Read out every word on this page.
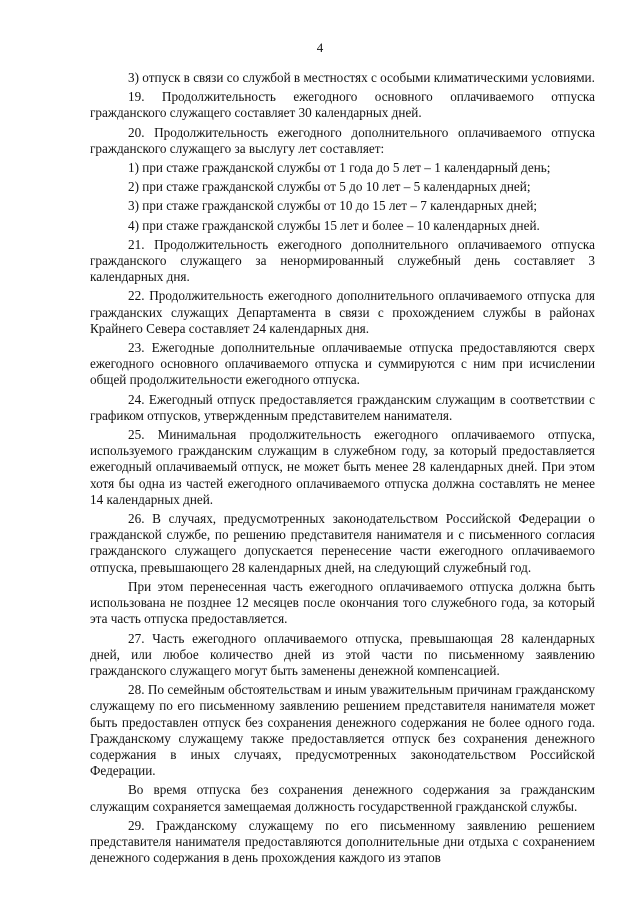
4

3) отпуск в связи со службой в местностях с особыми климатическими условиями.

19. Продолжительность ежегодного основного оплачиваемого отпуска гражданского служащего составляет 30 календарных дней.

20. Продолжительность ежегодного дополнительного оплачиваемого отпуска гражданского служащего за выслугу лет составляет:

1) при стаже гражданской службы от 1 года до 5 лет – 1 календарный день;

2) при стаже гражданской службы от 5 до 10 лет – 5 календарных дней;

3) при стаже гражданской службы от 10 до 15 лет – 7 календарных дней;

4) при стаже гражданской службы 15 лет и более – 10 календарных дней.

21. Продолжительность ежегодного дополнительного оплачиваемого отпуска гражданского служащего за ненормированный служебный день составляет 3 календарных дня.

22. Продолжительность ежегодного дополнительного оплачиваемого отпуска для гражданских служащих Департамента в связи с прохождением службы в районах Крайнего Севера составляет 24 календарных дня.

23. Ежегодные дополнительные оплачиваемые отпуска предоставляются сверх ежегодного основного оплачиваемого отпуска и суммируются с ним при исчислении общей продолжительности ежегодного отпуска.

24. Ежегодный отпуск предоставляется гражданским служащим в соответствии с графиком отпусков, утвержденным представителем нанимателя.

25. Минимальная продолжительность ежегодного оплачиваемого отпуска, используемого гражданским служащим в служебном году, за который предоставляется ежегодный оплачиваемый отпуск, не может быть менее 28 календарных дней. При этом хотя бы одна из частей ежегодного оплачиваемого отпуска должна составлять не менее 14 календарных дней.

26. В случаях, предусмотренных законодательством Российской Федерации о гражданской службе, по решению представителя нанимателя и с письменного согласия гражданского служащего допускается перенесение части ежегодного оплачиваемого отпуска, превышающего 28 календарных дней, на следующий служебный год.

При этом перенесенная часть ежегодного оплачиваемого отпуска должна быть использована не позднее 12 месяцев после окончания того служебного года, за который эта часть отпуска предоставляется.

27. Часть ежегодного оплачиваемого отпуска, превышающая 28 календарных дней, или любое количество дней из этой части по письменному заявлению гражданского служащего могут быть заменены денежной компенсацией.

28. По семейным обстоятельствам и иным уважительным причинам гражданскому служащему по его письменному заявлению решением представителя нанимателя может быть предоставлен отпуск без сохранения денежного содержания не более одного года. Гражданскому служащему также предоставляется отпуск без сохранения денежного содержания в иных случаях, предусмотренных законодательством Российской Федерации.

Во время отпуска без сохранения денежного содержания за гражданским служащим сохраняется замещаемая должность государственной гражданской службы.

29. Гражданскому служащему по его письменному заявлению решением представителя нанимателя предоставляются дополнительные дни отдыха с сохранением денежного содержания в день прохождения каждого из этапов
